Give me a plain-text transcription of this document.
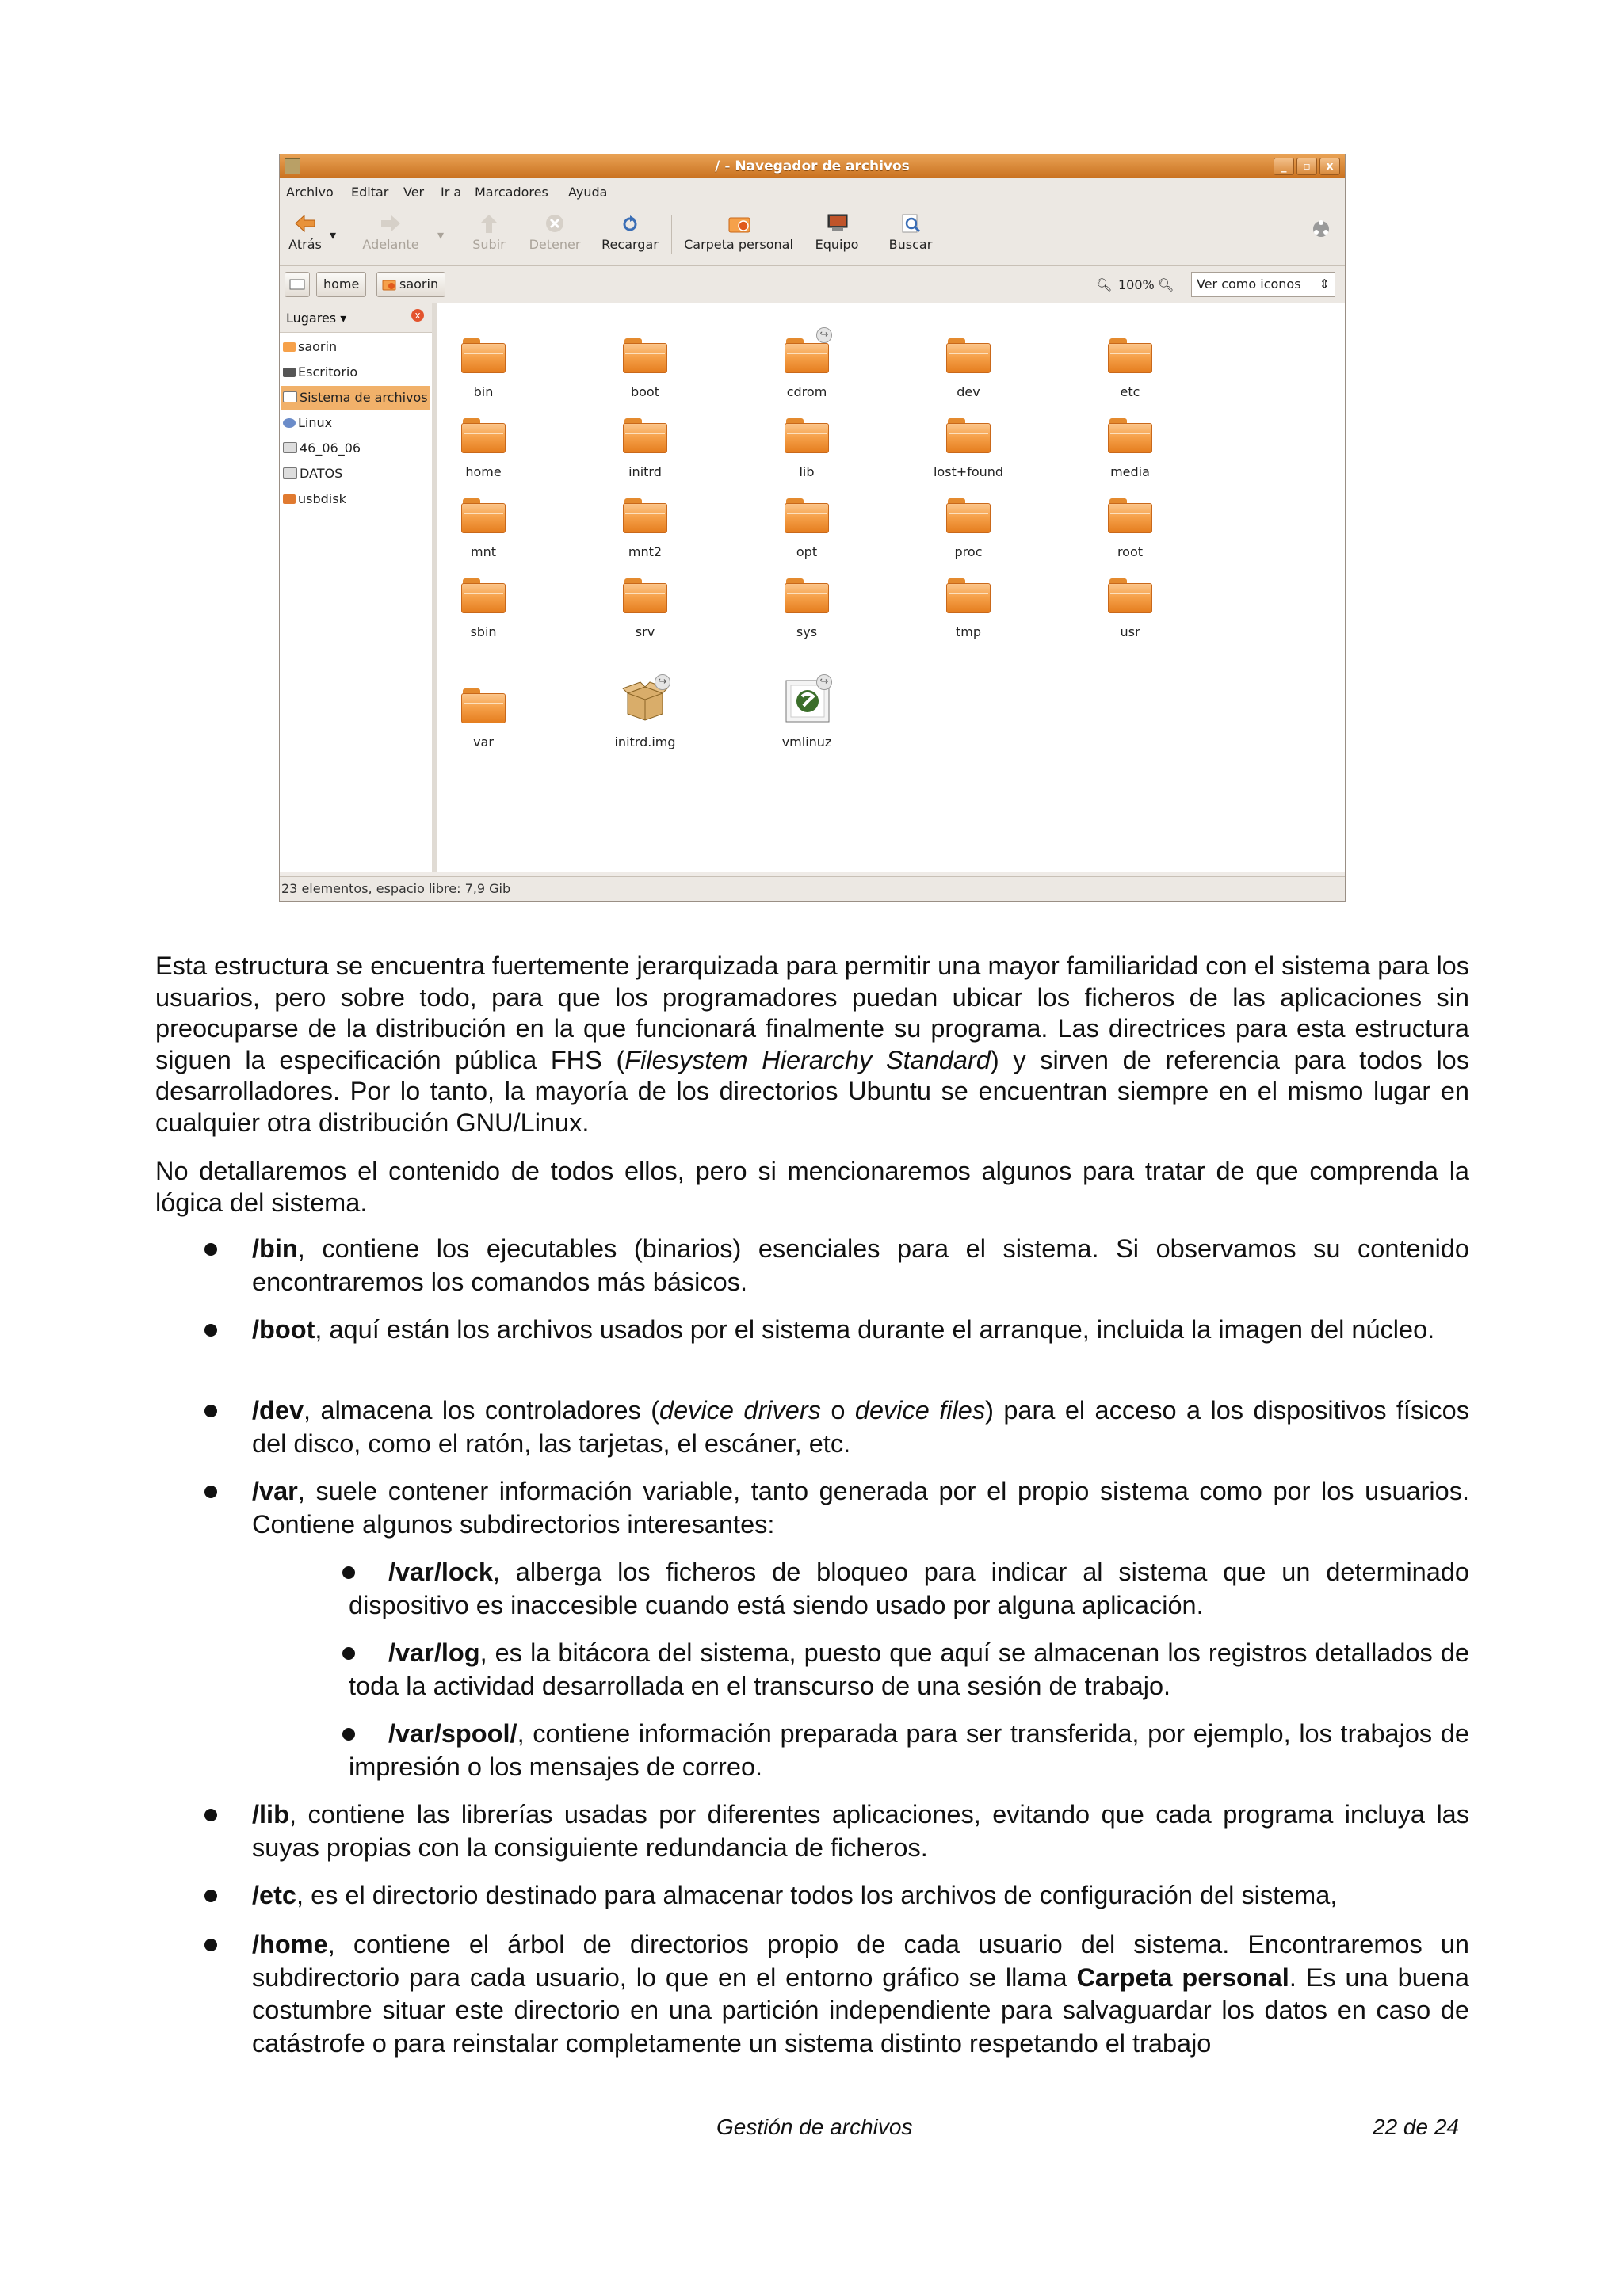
/ - Navegador de archivos	_	▫	x
Archivo Editar Ver Ir a Marcadores Ayuda
Atrás
▾
Adelante
▾
Subir	Detener Recargar	Carpeta personal	Equipo	Buscar
home	saorin	🔍︎ 100% 🔍︎	Ver como iconos ⇕
Lugares ▾	x
saorin
Escritorio
Sistema de archivos
Linux
46_06_06
DATOS
usbdisk
bin	boot
↪
cdrom	dev	etc
home	initrd	lib	lost+found	media
mnt	mnt2	opt	proc	root
sbin	srv	sys	tmp	usr
var
↪
initrd.img
↪
vmlinuz
23 elementos, espacio libre: 7,9 Gib

Esta estructura se encuentra fuertemente jerarquizada para permitir una mayor familiaridad con el sistema para los usuarios, pero sobre todo, para que los programadores puedan ubicar los ficheros de las aplicaciones sin preocuparse de la distribución en la que funcionará finalmente su programa. Las directrices para esta estructura siguen la especificación pública FHS (Filesystem Hierarchy Standard) y sirven de referencia para todos los desarrolladores. Por lo tanto, la mayoría de los directorios Ubuntu se encuentran siempre en el mismo lugar en cualquier otra distribución GNU/Linux.

No detallaremos el contenido de todos ellos, pero si mencionaremos algunos para tratar de que comprenda la lógica del sistema.

/bin, contiene los ejecutables (binarios) esenciales para el sistema. Si observamos su contenido encontraremos los comandos más básicos.

/boot, aquí están los archivos usados por el sistema durante el arranque, incluida la imagen del núcleo.

/dev, almacena los controladores (device drivers o device files) para el acceso a los dispositivos físicos del disco, como el ratón, las tarjetas, el escáner, etc.

/var, suele contener información variable, tanto generada por el propio sistema como por los usuarios. Contiene algunos subdirectorios interesantes:

/var/lock, alberga los ficheros de bloqueo para indicar al sistema que un determinado dispositivo es inaccesible cuando está siendo usado por alguna aplicación.

/var/log, es la bitácora del sistema, puesto que aquí se almacenan los registros detallados de toda la actividad desarrollada en el transcurso de una sesión de trabajo.

/var/spool/, contiene información preparada para ser transferida, por ejemplo, los trabajos de impresión o los mensajes de correo.

/lib, contiene las librerías usadas por diferentes aplicaciones, evitando que cada programa incluya las suyas propias con la consiguiente redundancia de ficheros.

/etc, es el directorio destinado para almacenar todos los archivos de configuración del sistema,

/home, contiene el árbol de directorios propio de cada usuario del sistema. Encontraremos un subdirectorio para cada usuario, lo que en el entorno gráfico se llama Carpeta personal. Es una buena costumbre situar este directorio en una partición independiente para salvaguardar los datos en caso de catástrofe o para reinstalar completamente un sistema distinto respetando el trabajo

Gestión de archivos	22 de 24
